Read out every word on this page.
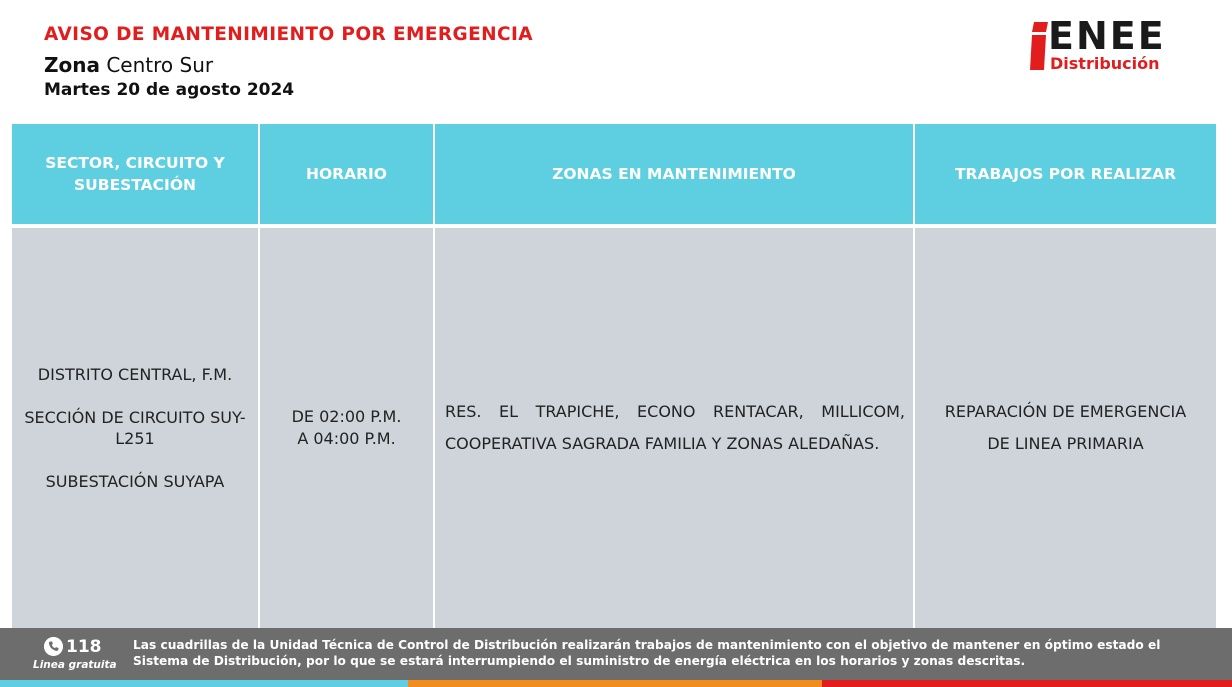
AVISO DE MANTENIMIENTO POR EMERGENCIA
Zona Centro Sur
Martes 20 de agosto 2024
ENEE
Distribución
SECTOR, CIRCUITO Y SUBESTACIÓN
HORARIO	ZONAS EN MANTENIMIENTO	TRABAJOS POR REALIZAR
DISTRITO CENTRAL, F.M.
SECCIÓN DE CIRCUITO SUY-L251
SUBESTACIÓN SUYAPA
DE 02:00 P.M.
A 04:00 P.M.
RES. EL TRAPICHE, ECONO RENTACAR, MILLICOM, COOPERATIVA SAGRADA FAMILIA Y ZONAS ALEDAÑAS.
REPARACIÓN DE EMERGENCIA DE LINEA PRIMARIA
118
Linea gratuita
Las cuadrillas de la Unidad Técnica de Control de Distribución realizarán trabajos de mantenimiento con el objetivo de mantener en óptimo estado el Sistema de Distribución, por lo que se estará interrumpiendo el suministro de energía eléctrica en los horarios y zonas descritas.
